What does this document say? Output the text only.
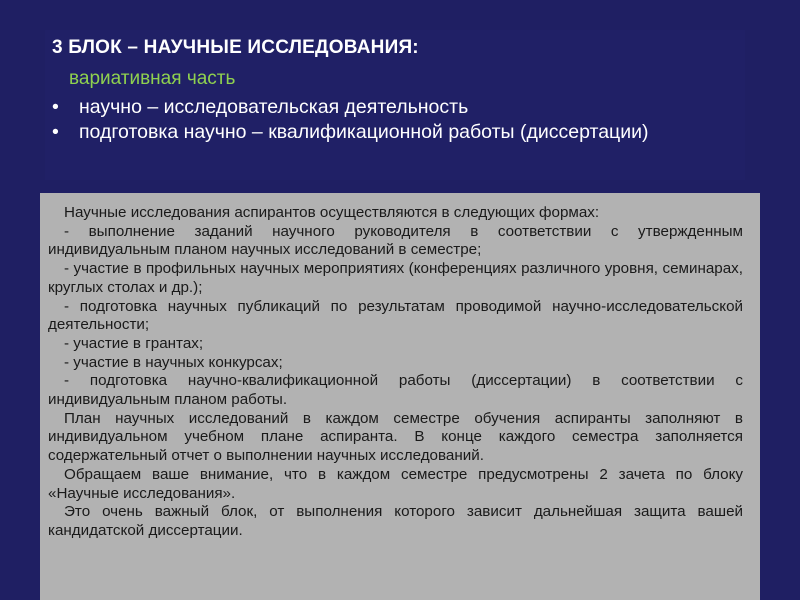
3 БЛОК – НАУЧНЫЕ ИССЛЕДОВАНИЯ:
вариативная часть
• научно – исследовательская деятельность
• подготовка научно – квалификационной работы (диссертации)

Научные исследования аспирантов осуществляются в следующих формах:

- выполнение заданий научного руководителя в соответствии с утвержденным индивидуальным планом научных исследований в семестре;

- участие в профильных научных мероприятиях (конференциях различного уровня, семинарах, круглых столах и др.);

- подготовка научных публикаций по результатам проводимой научно-исследовательской деятельности;

- участие в грантах;

- участие в научных конкурсах;

- подготовка научно-квалификационной работы (диссертации) в соответствии с индивидуальным планом работы.

План научных исследований в каждом семестре обучения аспиранты заполняют в индивидуальном учебном плане аспиранта. В конце каждого семестра заполняется содержательный отчет о выполнении научных исследований.

Обращаем ваше внимание, что в каждом семестре предусмотрены 2 зачета по блоку «Научные исследования».

Это очень важный блок, от выполнения которого зависит дальнейшая защита вашей кандидатской диссертации.
